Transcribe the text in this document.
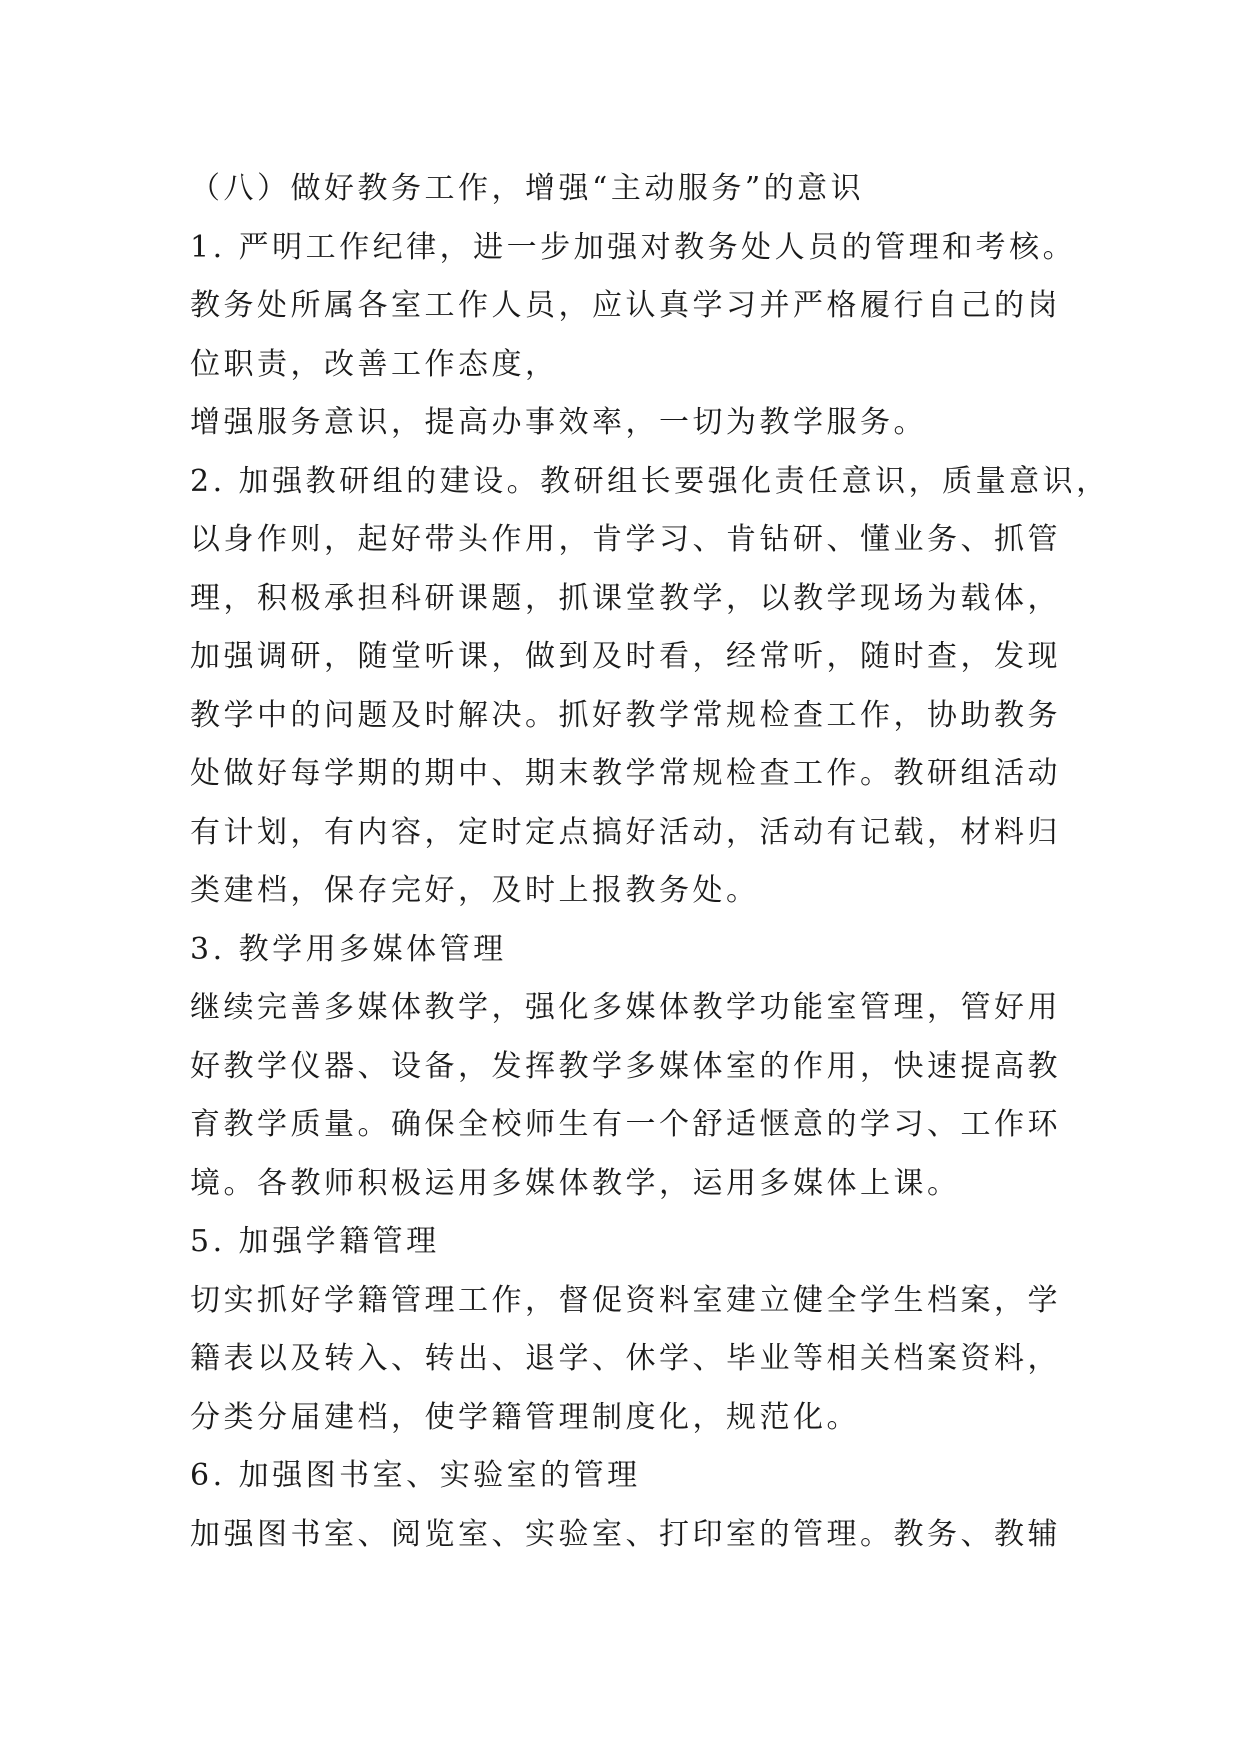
（八）做好教务工作，增强“主动服务”的意识
1. 严明工作纪律，进一步加强对教务处人员的管理和考核。
教务处所属各室工作人员，应认真学习并严格履行自己的岗
位职责，改善工作态度，
增强服务意识，提高办事效率，一切为教学服务。
2. 加强教研组的建设。教研组长要强化责任意识，质量意识，
以身作则，起好带头作用，肯学习、肯钻研、懂业务、抓管
理，积极承担科研课题，抓课堂教学，以教学现场为载体，
加强调研，随堂听课，做到及时看，经常听，随时查，发现
教学中的问题及时解决。抓好教学常规检查工作，协助教务
处做好每学期的期中、期末教学常规检查工作。教研组活动
有计划，有内容，定时定点搞好活动，活动有记载，材料归
类建档，保存完好，及时上报教务处。
3. 教学用多媒体管理
继续完善多媒体教学，强化多媒体教学功能室管理，管好用
好教学仪器、设备，发挥教学多媒体室的作用，快速提高教
育教学质量。确保全校师生有一个舒适惬意的学习、工作环
境。各教师积极运用多媒体教学，运用多媒体上课。
5. 加强学籍管理
切实抓好学籍管理工作，督促资料室建立健全学生档案，学
籍表以及转入、转出、退学、休学、毕业等相关档案资料，
分类分届建档，使学籍管理制度化，规范化。
6. 加强图书室、实验室的管理
加强图书室、阅览室、实验室、打印室的管理。教务、教辅
